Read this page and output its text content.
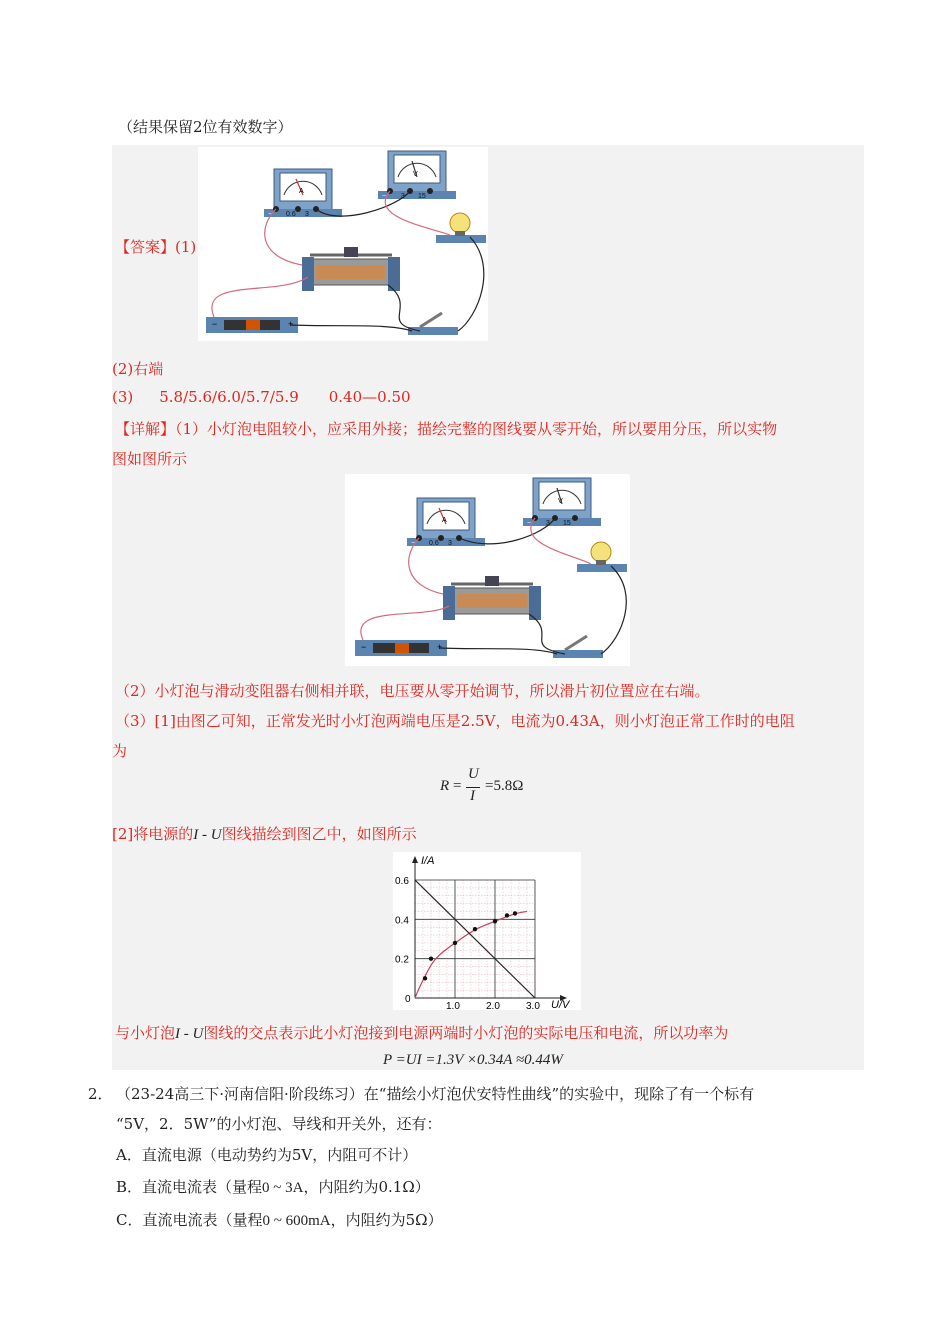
（结果保留2位有效数字）
【答案】(1)
A
− 0.6 3
V
− 3 15
−	+
(2)右端
(3) 5.8/5.6/6.0/5.7/5.9 0.40—0.50
【详解】（1）小灯泡电阻较小，应采用外接；描绘完整的图线要从零开始，所以要用分压，所以实物
图如图所示
A
− 0.6 3
V
− 3 15
−	+
（2）小灯泡与滑动变阻器右侧相并联，电压要从零开始调节，所以滑片初位置应在右端。
（3）[1]由图乙可知，正常发光时小灯泡两端电压是2.5V，电流为0.43A，则小灯泡正常工作时的电阻
为
R =
U
I
=5.8Ω
[2]将电源的I - U图线描绘到图乙中，如图所示
I/A
U/V
0
1.0	2.0	3.0
0.2
0.4
0.6
与小灯泡I - U图线的交点表示此小灯泡接到电源两端时小灯泡的实际电压和电流，所以功率为
P =UI =1.3V ×0.34A ≈0.44W
2． （23-24高三下·河南信阳·阶段练习）在“描绘小灯泡伏安特性曲线”的实验中，现除了有一个标有
“5V，2．5W”的小灯泡、导线和开关外，还有：
A．直流电源（电动势约为5V，内阻可不计）
B．直流电流表（量程0 ~ 3A，内阻约为0.1Ω）
C．直流电流表（量程0 ~ 600mA，内阻约为5Ω）
